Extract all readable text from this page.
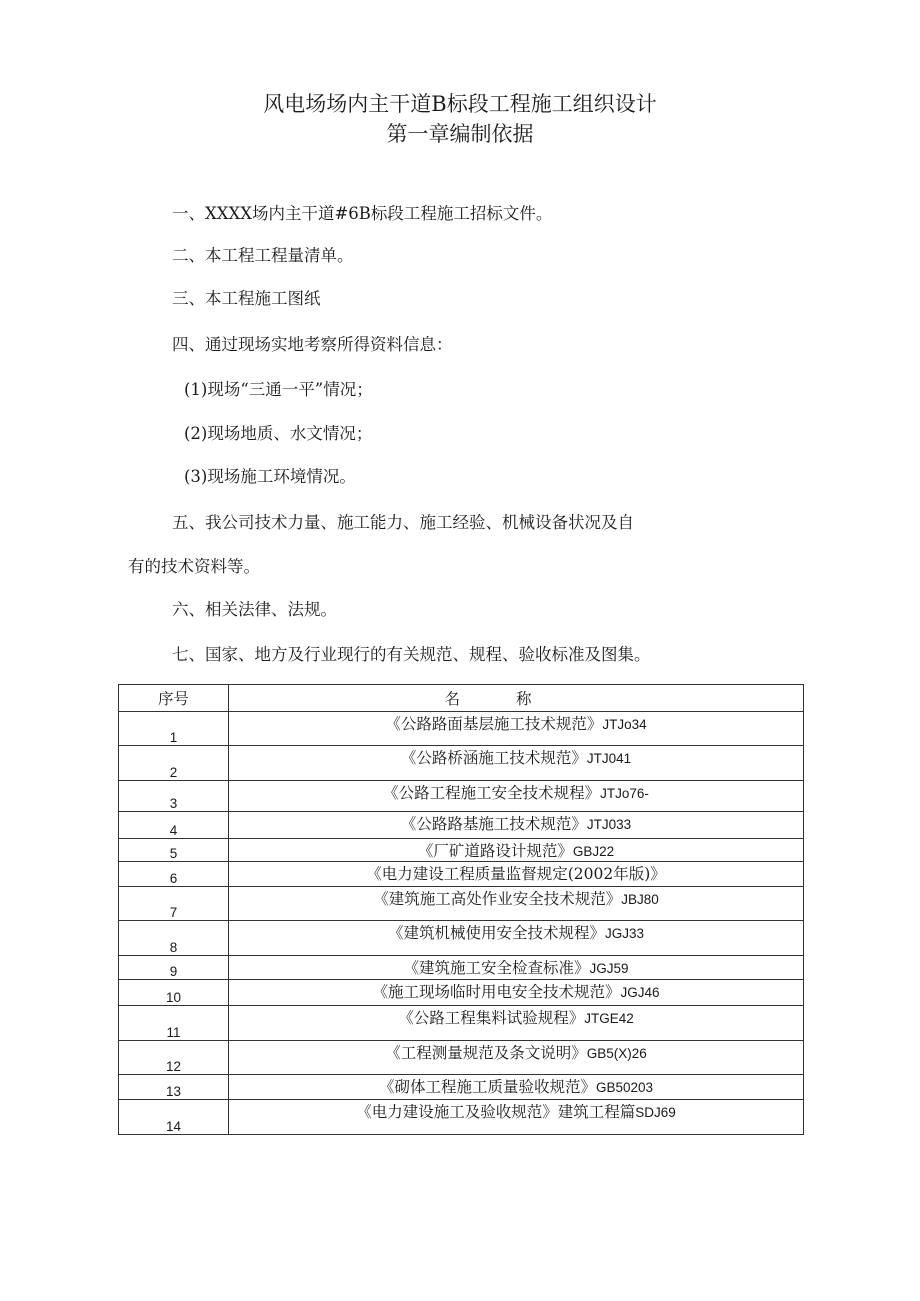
风电场场内主干道B标段工程施工组织设计
第一章编制依据
一、XXXX场内主干道#6B标段工程施工招标文件。
二、本工程工程量清单。
三、本工程施工图纸
四、通过现场实地考察所得资料信息：
(1)现场“三通一平”情况；
(2)现场地质、水文情况；
(3)现场施工环境情况。
五、我公司技术力量、施工能力、施工经验、机械设备状况及自
有的技术资料等。
六、相关法律、法规。
七、国家、地方及行业现行的有关规范、规程、验收标准及图集。
序号	名称
1	《公路路面基层施工技术规范》JTJo34
2	《公路桥涵施工技术规范》JTJ041
3	《公路工程施工安全技术规程》JTJo76-
4	《公路路基施工技术规范》JTJ033
5	《厂矿道路设计规范》GBJ22
6	《电力建设工程质量监督规定(2002年版)》
7	《建筑施工高处作业安全技术规范》JBJ80
8	《建筑机械使用安全技术规程》JGJ33
9	《建筑施工安全检查标准》JGJ59
10	《施工现场临时用电安全技术规范》JGJ46
11	《公路工程集料试验规程》JTGE42
12	《工程测量规范及条文说明》GB5(X)26
13	《砌体工程施工质量验收规范》GB50203
14	《电力建设施工及验收规范》建筑工程篇SDJ69
